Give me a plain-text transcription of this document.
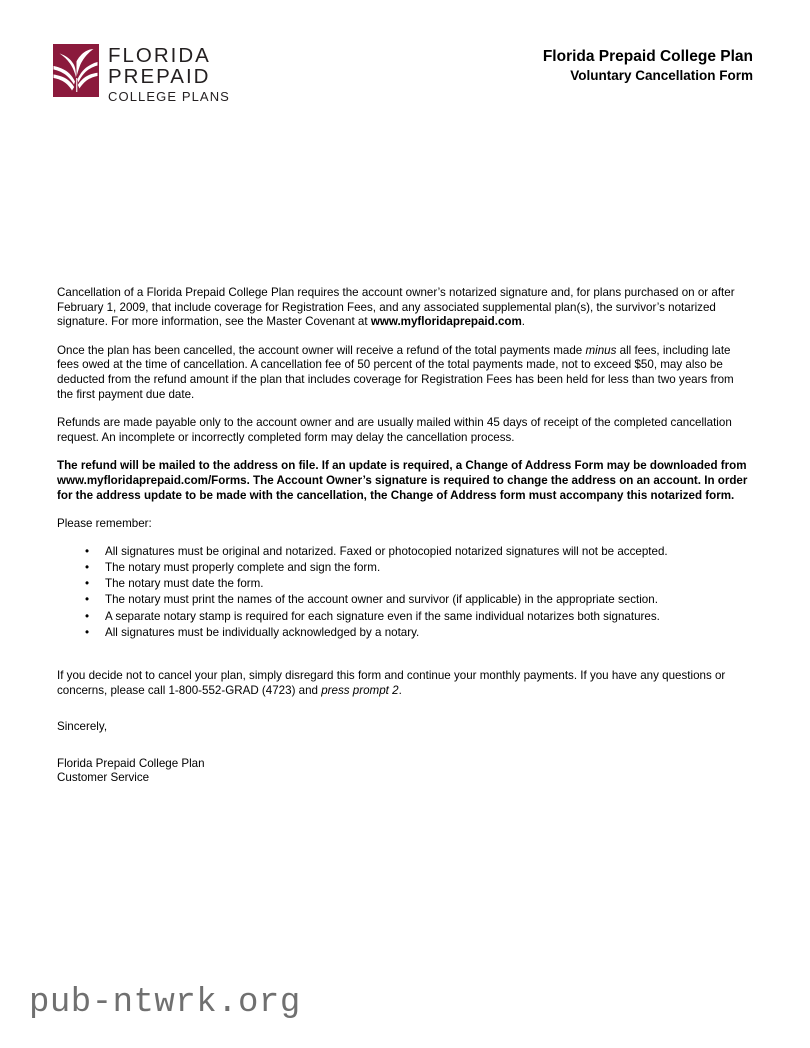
FLORIDA
PREPAID
COLLEGE PLANS
Florida Prepaid College Plan
Voluntary Cancellation Form

Cancellation of a Florida Prepaid College Plan requires the account owner’s notarized signature and, for plans purchased on or after February 1, 2009, that include coverage for Registration Fees, and any associated supplemental plan(s), the survivor’s notarized signature. For more information, see the Master Covenant at www.myfloridaprepaid.com.

Once the plan has been cancelled, the account owner will receive a refund of the total payments made minus all fees, including late fees owed at the time of cancellation. A cancellation fee of 50 percent of the total payments made, not to exceed $50, may also be deducted from the refund amount if the plan that includes coverage for Registration Fees has been held for less than two years from the first payment due date.

Refunds are made payable only to the account owner and are usually mailed within 45 days of receipt of the completed cancellation request. An incomplete or incorrectly completed form may delay the cancellation process.

The refund will be mailed to the address on file. If an update is required, a Change of Address Form may be downloaded from www.myfloridaprepaid.com/Forms. The Account Owner’s signature is required to change the address on an account. In order for the address update to be made with the cancellation, the Change of Address form must accompany this notarized form.

Please remember:
• All signatures must be original and notarized. Faxed or photocopied notarized signatures will not be accepted.
• The notary must properly complete and sign the form.
• The notary must date the form.
• The notary must print the names of the account owner and survivor (if applicable) in the appropriate section.
• A separate notary stamp is required for each signature even if the same individual notarizes both signatures.
• All signatures must be individually acknowledged by a notary.

If you decide not to cancel your plan, simply disregard this form and continue your monthly payments. If you have any questions or concerns, please call 1-800-552-GRAD (4723) and press prompt 2.

Sincerely,
Florida Prepaid College Plan
Customer Service
pub-ntwrk.org
